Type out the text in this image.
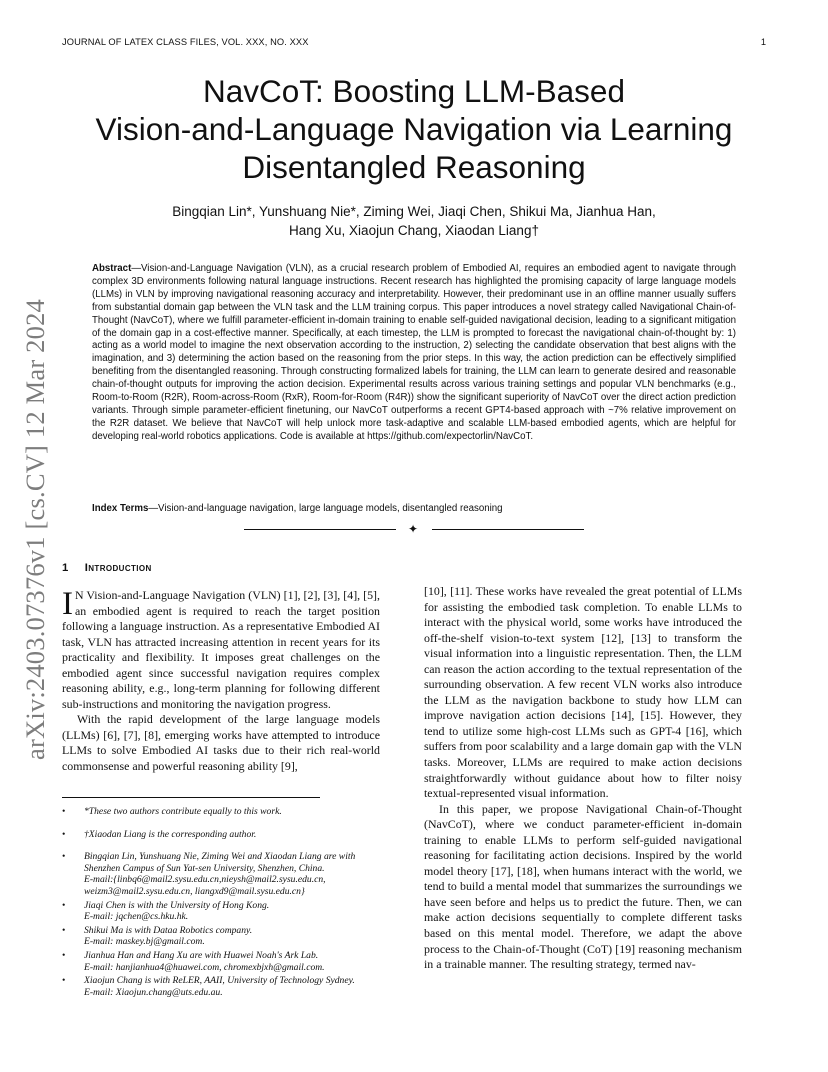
JOURNAL OF LATEX CLASS FILES, VOL. XXX, NO. XXX	1
arXiv:2403.07376v1 [cs.CV] 12 Mar 2024
NavCoT: Boosting LLM-Based
Vision-and-Language Navigation via Learning
Disentangled Reasoning
Bingqian Lin*, Yunshuang Nie*, Ziming Wei, Jiaqi Chen, Shikui Ma, Jianhua Han,
Hang Xu, Xiaojun Chang, Xiaodan Liang†
Abstract—Vision-and-Language Navigation (VLN), as a crucial research problem of Embodied AI, requires an embodied agent to navigate through complex 3D environments following natural language instructions. Recent research has highlighted the promising capacity of large language models (LLMs) in VLN by improving navigational reasoning accuracy and interpretability. However, their predominant use in an offline manner usually suffers from substantial domain gap between the VLN task and the LLM training corpus. This paper introduces a novel strategy called Navigational Chain-of-Thought (NavCoT), where we fulfill parameter-efficient in-domain training to enable self-guided navigational decision, leading to a significant mitigation of the domain gap in a cost-effective manner. Specifically, at each timestep, the LLM is prompted to forecast the navigational chain-of-thought by: 1) acting as a world model to imagine the next observation according to the instruction, 2) selecting the candidate observation that best aligns with the imagination, and 3) determining the action based on the reasoning from the prior steps. In this way, the action prediction can be effectively simplified benefiting from the disentangled reasoning. Through constructing formalized labels for training, the LLM can learn to generate desired and reasonable chain-of-thought outputs for improving the action decision. Experimental results across various training settings and popular VLN benchmarks (e.g., Room-to-Room (R2R), Room-across-Room (RxR), Room-for-Room (R4R)) show the significant superiority of NavCoT over the direct action prediction variants. Through simple parameter-efficient finetuning, our NavCoT outperforms a recent GPT4-based approach with ~7% relative improvement on the R2R dataset. We believe that NavCoT will help unlock more task-adaptive and scalable LLM-based embodied agents, which are helpful for developing real-world robotics applications. Code is available at https://github.com/expectorlin/NavCoT.
Index Terms—Vision-and-language navigation, large language models, disentangled reasoning
✦
1 Introduction

I N Vision-and-Language Navigation (VLN) [1], [2], [3], [4], [5], an embodied agent is required to reach the target position following a language instruction. As a representative Embodied AI task, VLN has attracted increasing attention in recent years for its practicality and flexibility. It imposes great challenges on the embodied agent since successful navigation requires complex reasoning ability, e.g., long-term planning for following different sub-instructions and monitoring the navigation progress.

With the rapid development of the large language models (LLMs) [6], [7], [8], emerging works have attempted to introduce LLMs to solve Embodied AI tasks due to their rich real-world commonsense and powerful reasoning ability [9],

[10], [11]. These works have revealed the great potential of LLMs for assisting the embodied task completion. To enable LLMs to interact with the physical world, some works have introduced the off-the-shelf vision-to-text system [12], [13] to transform the visual information into a linguistic representation. Then, the LLM can reason the action according to the textual representation of the surrounding observation. A few recent VLN works also introduce the LLM as the navigation backbone to study how LLM can improve navigation action decisions [14], [15]. However, they tend to utilize some high-cost LLMs such as GPT-4 [16], which suffers from poor scalability and a large domain gap with the VLN tasks. Moreover, LLMs are required to make action decisions straightforwardly without guidance about how to filter noisy textual-represented visual information.

In this paper, we propose Navigational Chain-of-Thought (NavCoT), where we conduct parameter-efficient in-domain training to enable LLMs to perform self-guided navigational reasoning for facilitating action decisions. Inspired by the world model theory [17], [18], when humans interact with the world, we tend to build a mental model that summarizes the surroundings we have seen before and helps us to predict the future. Then, we can make action decisions sequentially to complete different tasks based on this mental model. Therefore, we adapt the above process to the Chain-of-Thought (CoT) [19] reasoning mechanism in a trainable manner. The resulting strategy, termed nav-

• *These two authors contribute equally to this work.
• †Xiaodan Liang is the corresponding author.
• Bingqian Lin, Yunshuang Nie, Ziming Wei and Xiaodan Liang are with
Shenzhen Campus of Sun Yat-sen University, Shenzhen, China.
E-mail:{linbq6@mail2.sysu.edu.cn,nieysh@mail2.sysu.edu.cn,
weizm3@mail2.sysu.edu.cn, liangxd9@mail.sysu.edu.cn}
• Jiaqi Chen is with the University of Hong Kong.
E-mail: jqchen@cs.hku.hk.
• Shikui Ma is with Dataa Robotics company.
E-mail: maskey.bj@gmail.com.
• Jianhua Han and Hang Xu are with Huawei Noah's Ark Lab.
E-mail: hanjianhua4@huawei.com, chromexbjxh@gmail.com.
• Xiaojun Chang is with ReLER, AAII, University of Technology Sydney.
E-mail: Xiaojun.chang@uts.edu.au.
